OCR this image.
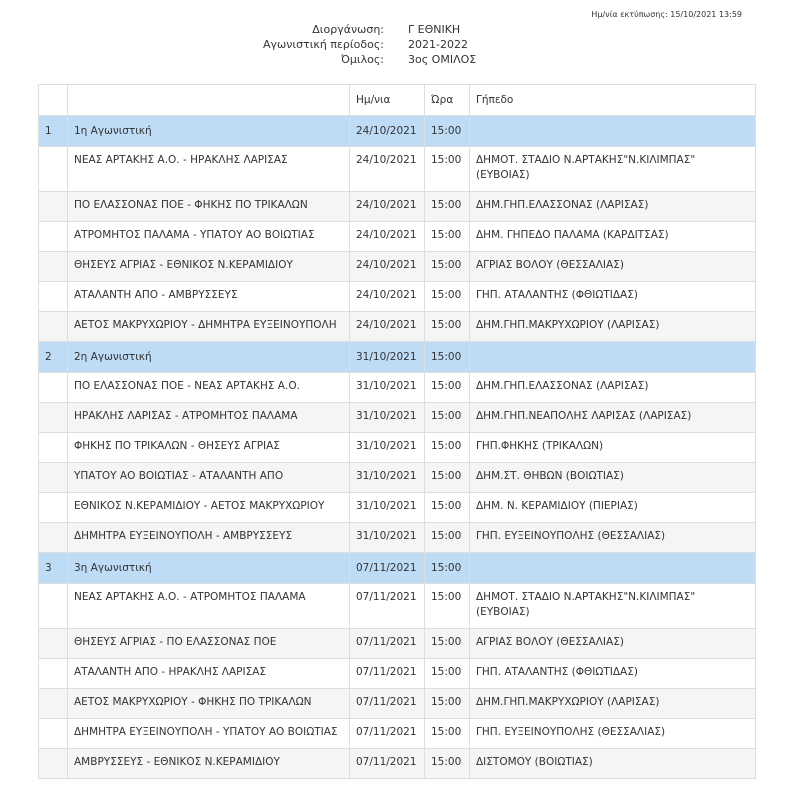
Ημ/νία εκτύπωσης: 15/10/2021 13:59
Διοργάνωση:	Γ ΕΘΝΙΚΗ
Αγωνιστική περίοδος:	2021-2022
Όμιλος:	3ος ΟΜΙΛΟΣ
		Ημ/νια	Ώρα	Γήπεδο
1	1η Αγωνιστική	24/10/2021	15:00	
	ΝΕΑΣ ΑΡΤΑΚΗΣ Α.Ο. - ΗΡΑΚΛΗΣ ΛΑΡΙΣΑΣ	24/10/2021	15:00	ΔΗΜΟΤ. ΣΤΑΔΙΟ Ν.ΑΡΤΑΚΗΣ"Ν.ΚΙΛΙΜΠΑΣ" (ΕΥΒΟΙΑΣ)
	ΠΟ ΕΛΑΣΣΟΝΑΣ ΠΟΕ - ΦΗΚΗΣ ΠΟ ΤΡΙΚΑΛΩΝ	24/10/2021	15:00	ΔΗΜ.ΓΗΠ.ΕΛΑΣΣΟΝΑΣ (ΛΑΡΙΣΑΣ)
	ΑΤΡΟΜΗΤΟΣ ΠΑΛΑΜΑ - ΥΠΑΤΟΥ ΑΟ ΒΟΙΩΤΙΑΣ	24/10/2021	15:00	ΔΗΜ. ΓΗΠΕΔΟ ΠΑΛΑΜΑ (ΚΑΡΔΙΤΣΑΣ)
	ΘΗΣΕΥΣ ΑΓΡΙΑΣ - ΕΘΝΙΚΟΣ Ν.ΚΕΡΑΜΙΔΙΟΥ	24/10/2021	15:00	ΑΓΡΙΑΣ ΒΟΛΟΥ (ΘΕΣΣΑΛΙΑΣ)
	ΑΤΑΛΑΝΤΗ ΑΠΟ - ΑΜΒΡΥΣΣΕΥΣ	24/10/2021	15:00	ΓΗΠ. ΑΤΑΛΑΝΤΗΣ (ΦΘΙΩΤΙΔΑΣ)
	ΑΕΤΟΣ ΜΑΚΡΥΧΩΡΙΟΥ - ΔΗΜΗΤΡΑ ΕΥΞΕΙΝΟΥΠΟΛΗ	24/10/2021	15:00	ΔΗΜ.ΓΗΠ.ΜΑΚΡΥΧΩΡΙΟΥ (ΛΑΡΙΣΑΣ)
2	2η Αγωνιστική	31/10/2021	15:00	
	ΠΟ ΕΛΑΣΣΟΝΑΣ ΠΟΕ - ΝΕΑΣ ΑΡΤΑΚΗΣ Α.Ο.	31/10/2021	15:00	ΔΗΜ.ΓΗΠ.ΕΛΑΣΣΟΝΑΣ (ΛΑΡΙΣΑΣ)
	ΗΡΑΚΛΗΣ ΛΑΡΙΣΑΣ - ΑΤΡΟΜΗΤΟΣ ΠΑΛΑΜΑ	31/10/2021	15:00	ΔΗΜ.ΓΗΠ.ΝΕΑΠΟΛΗΣ ΛΑΡΙΣΑΣ (ΛΑΡΙΣΑΣ)
	ΦΗΚΗΣ ΠΟ ΤΡΙΚΑΛΩΝ - ΘΗΣΕΥΣ ΑΓΡΙΑΣ	31/10/2021	15:00	ΓΗΠ.ΦΗΚΗΣ (ΤΡΙΚΑΛΩΝ)
	ΥΠΑΤΟΥ ΑΟ ΒΟΙΩΤΙΑΣ - ΑΤΑΛΑΝΤΗ ΑΠΟ	31/10/2021	15:00	ΔΗΜ.ΣΤ. ΘΗΒΩΝ (ΒΟΙΩΤΙΑΣ)
	ΕΘΝΙΚΟΣ Ν.ΚΕΡΑΜΙΔΙΟΥ - ΑΕΤΟΣ ΜΑΚΡΥΧΩΡΙΟΥ	31/10/2021	15:00	ΔΗΜ. Ν. ΚΕΡΑΜΙΔΙΟΥ (ΠΙΕΡΙΑΣ)
	ΔΗΜΗΤΡΑ ΕΥΞΕΙΝΟΥΠΟΛΗ - ΑΜΒΡΥΣΣΕΥΣ	31/10/2021	15:00	ΓΗΠ. ΕΥΞΕΙΝΟΥΠΟΛΗΣ (ΘΕΣΣΑΛΙΑΣ)
3	3η Αγωνιστική	07/11/2021	15:00	
	ΝΕΑΣ ΑΡΤΑΚΗΣ Α.Ο. - ΑΤΡΟΜΗΤΟΣ ΠΑΛΑΜΑ	07/11/2021	15:00	ΔΗΜΟΤ. ΣΤΑΔΙΟ Ν.ΑΡΤΑΚΗΣ"Ν.ΚΙΛΙΜΠΑΣ" (ΕΥΒΟΙΑΣ)
	ΘΗΣΕΥΣ ΑΓΡΙΑΣ - ΠΟ ΕΛΑΣΣΟΝΑΣ ΠΟΕ	07/11/2021	15:00	ΑΓΡΙΑΣ ΒΟΛΟΥ (ΘΕΣΣΑΛΙΑΣ)
	ΑΤΑΛΑΝΤΗ ΑΠΟ - ΗΡΑΚΛΗΣ ΛΑΡΙΣΑΣ	07/11/2021	15:00	ΓΗΠ. ΑΤΑΛΑΝΤΗΣ (ΦΘΙΩΤΙΔΑΣ)
	ΑΕΤΟΣ ΜΑΚΡΥΧΩΡΙΟΥ - ΦΗΚΗΣ ΠΟ ΤΡΙΚΑΛΩΝ	07/11/2021	15:00	ΔΗΜ.ΓΗΠ.ΜΑΚΡΥΧΩΡΙΟΥ (ΛΑΡΙΣΑΣ)
	ΔΗΜΗΤΡΑ ΕΥΞΕΙΝΟΥΠΟΛΗ - ΥΠΑΤΟΥ ΑΟ ΒΟΙΩΤΙΑΣ	07/11/2021	15:00	ΓΗΠ. ΕΥΞΕΙΝΟΥΠΟΛΗΣ (ΘΕΣΣΑΛΙΑΣ)
	ΑΜΒΡΥΣΣΕΥΣ - ΕΘΝΙΚΟΣ Ν.ΚΕΡΑΜΙΔΙΟΥ	07/11/2021	15:00	ΔΙΣΤΟΜΟΥ (ΒΟΙΩΤΙΑΣ)
